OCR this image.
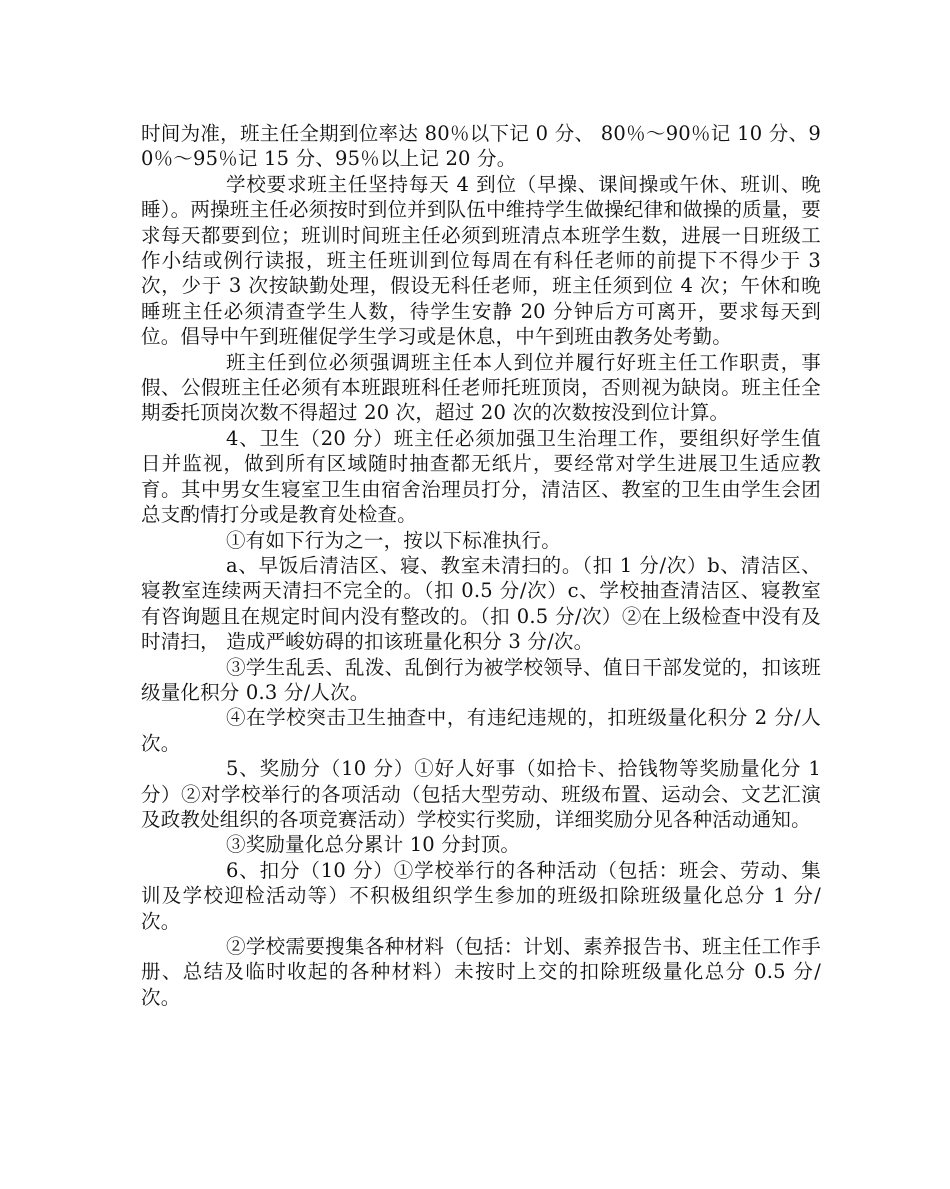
时间为准，班主任全期到位率达 80％以下记 0 分、 80％～90％记 10 分、90％～95％记 15 分、95％以上记 20 分。

学校要求班主任坚持每天 4 到位（早操、课间操或午休、班训、晚睡）。两操班主任必须按时到位并到队伍中维持学生做操纪律和做操的质量，要求每天都要到位；班训时间班主任必须到班清点本班学生数，进展一日班级工作小结或例行读报，班主任班训到位每周在有科任老师的前提下不得少于 3 次，少于 3 次按缺勤处理，假设无科任老师，班主任须到位 4 次；午休和晚睡班主任必须清查学生人数，待学生安静 20 分钟后方可离开，要求每天到位。倡导中午到班催促学生学习或是休息，中午到班由教务处考勤。

班主任到位必须强调班主任本人到位并履行好班主任工作职责，事假、公假班主任必须有本班跟班科任老师托班顶岗，否则视为缺岗。班主任全期委托顶岗次数不得超过 20 次，超过 20 次的次数按没到位计算。

4、卫生（20 分）班主任必须加强卫生治理工作，要组织好学生值日并监视，做到所有区域随时抽查都无纸片，要经常对学生进展卫生适应教育。其中男女生寝室卫生由宿舍治理员打分，清洁区、教室的卫生由学生会团总支酌情打分或是教育处检查。

①有如下行为之一，按以下标准执行。

a、早饭后清洁区、寝、教室未清扫的。（扣 1 分/次）b、清洁区、寝教室连续两天清扫不完全的。（扣 0.5 分/次）c、学校抽查清洁区、寝教室有咨询题且在规定时间内没有整改的。（扣 0.5 分/次）②在上级检查中没有及时清扫， 造成严峻妨碍的扣该班量化积分 3 分/次。

③学生乱丢、乱泼、乱倒行为被学校领导、值日干部发觉的，扣该班级量化积分 0.3 分/人次。

④在学校突击卫生抽查中，有违纪违规的，扣班级量化积分 2 分/人次。

5、奖励分（10 分）①好人好事（如拾卡、拾钱物等奖励量化分 1 分）②对学校举行的各项活动（包括大型劳动、班级布置、运动会、文艺汇演及政教处组织的各项竞赛活动）学校实行奖励，详细奖励分见各种活动通知。

③奖励量化总分累计 10 分封顶。

6、扣分（10 分）①学校举行的各种活动（包括：班会、劳动、集训及学校迎检活动等）不积极组织学生参加的班级扣除班级量化总分 1 分/次。

②学校需要搜集各种材料（包括：计划、素养报告书、班主任工作手册、总结及临时收起的各种材料）未按时上交的扣除班级量化总分 0.5 分/次。
